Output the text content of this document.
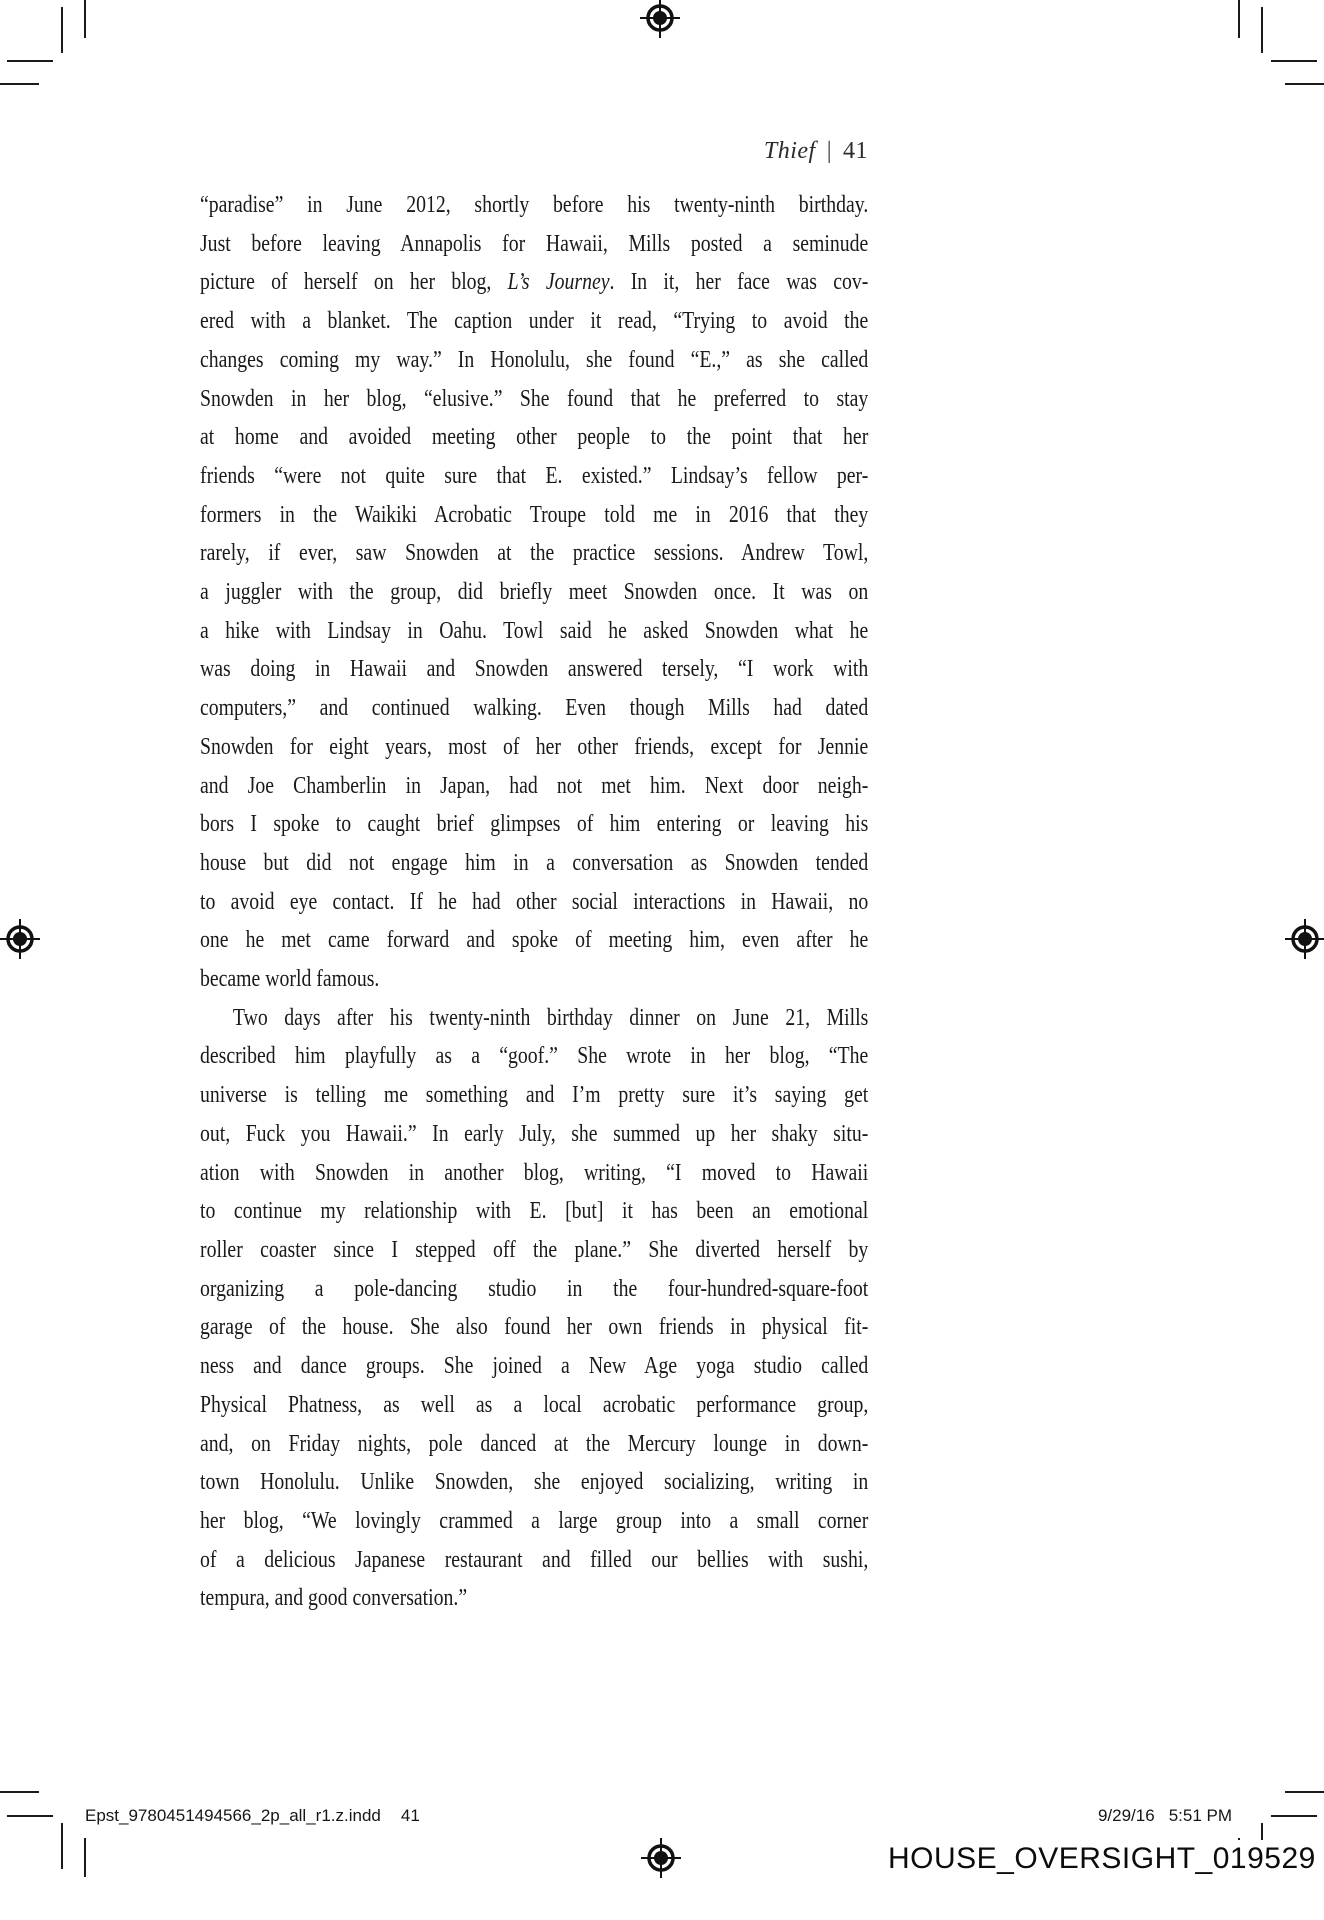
Thief | 41
“paradise” in June 2012, shortly before his twenty-ninth birthday.
Just before leaving Annapolis for Hawaii, Mills posted a seminude
picture of herself on her blog, L’s Journey. In it, her face was cov-
ered with a blanket. The caption under it read, “Trying to avoid the
changes coming my way.” In Honolulu, she found “E.,” as she called
Snowden in her blog, “elusive.” She found that he preferred to stay
at home and avoided meeting other people to the point that her
friends “were not quite sure that E. existed.” Lindsay’s fellow per-
formers in the Waikiki Acrobatic Troupe told me in 2016 that they
rarely, if ever, saw Snowden at the practice sessions. Andrew Towl,
a juggler with the group, did briefly meet Snowden once. It was on
a hike with Lindsay in Oahu. Towl said he asked Snowden what he
was doing in Hawaii and Snowden answered tersely, “I work with
computers,” and continued walking. Even though Mills had dated
Snowden for eight years, most of her other friends, except for Jennie
and Joe Chamberlin in Japan, had not met him. Next door neigh-
bors I spoke to caught brief glimpses of him entering or leaving his
house but did not engage him in a conversation as Snowden tended
to avoid eye contact. If he had other social interactions in Hawaii, no
one he met came forward and spoke of meeting him, even after he
became world famous.
Two days after his twenty-ninth birthday dinner on June 21, Mills
described him playfully as a “goof.” She wrote in her blog, “The
universe is telling me something and I’m pretty sure it’s saying get
out, Fuck you Hawaii.” In early July, she summed up her shaky situ-
ation with Snowden in another blog, writing, “I moved to Hawaii
to continue my relationship with E. [but] it has been an emotional
roller coaster since I stepped off the plane.” She diverted herself by
organizing a pole-dancing studio in the four-hundred-square-foot
garage of the house. She also found her own friends in physical fit-
ness and dance groups. She joined a New Age yoga studio called
Physical Phatness, as well as a local acrobatic performance group,
and, on Friday nights, pole danced at the Mercury lounge in down-
town Honolulu. Unlike Snowden, she enjoyed socializing, writing in
her blog, “We lovingly crammed a large group into a small corner
of a delicious Japanese restaurant and filled our bellies with sushi,
tempura, and good conversation.”
Epst_9780451494566_2p_all_r1.z.indd 41	9/29/16 5:51 PM
HOUSE_OVERSIGHT_019529
